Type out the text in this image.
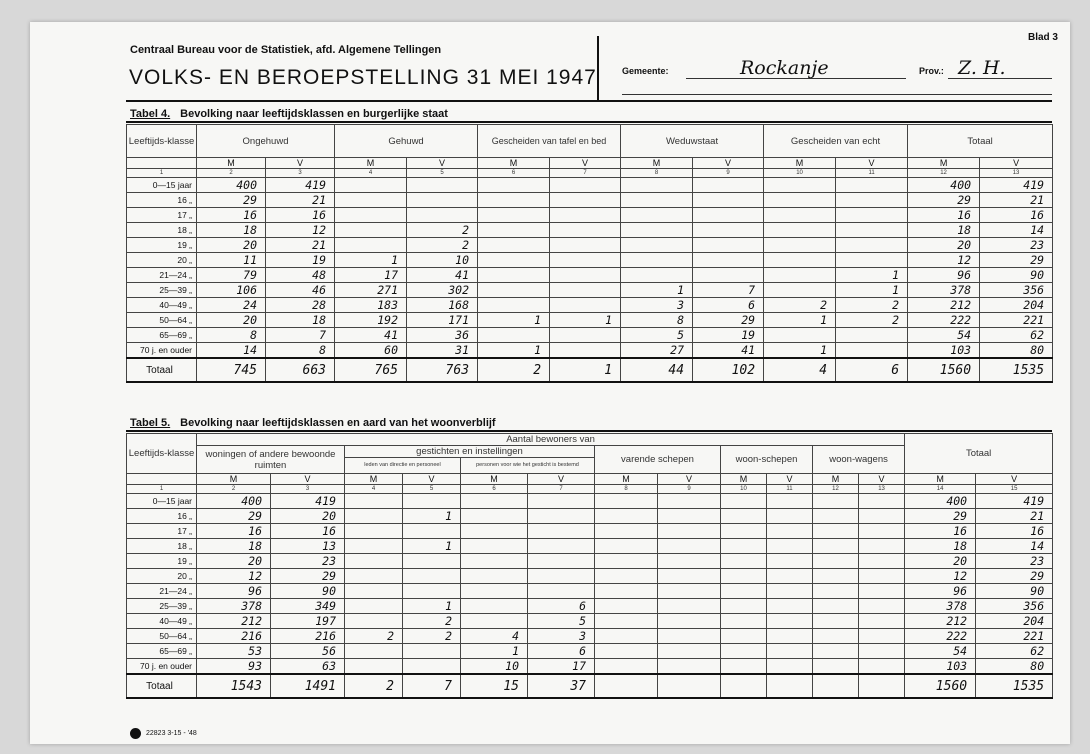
Centraal Bureau voor de Statistiek, afd. Algemene Tellingen
VOLKS- EN BEROEPSTELLING 31 MEI 1947
Blad 3
Gemeente:	Rockanje	Prov.: Z. H.
Tabel 4. Bevolking naar leeftijdsklassen en burgerlijke staat
Leeftijds-klasse	Ongehuwd		Gehuwd		Gescheiden van tafel en bed		Weduwstaat		Gescheiden van echt		Totaal	
	M	V	M	V	M	V	M	V	M	V	M	V
1	2	3	4	5	6	7	8	9	10	11	12	13
0—15 jaar	400	419									400	419
16 „	29	21									29	21
17 „	16	16									16	16
18 „	18	12		2							18	14
19 „	20	21		2							20	23
20 „	11	19	1	10							12	29
21—24 „	79	48	17	41						1	96	90
25—39 „	106	46	271	302			1	7		1	378	356
40—49 „	24	28	183	168			3	6	2	2	212	204
50—64 „	20	18	192	171	1	1	8	29	1	2	222	221
65—69 „	8	7	41	36			5	19			54	62
70 j. en ouder	14	8	60	31	1		27	41	1		103	80
Totaal	745	663	765	763	2	1	44	102	4	6	1560	1535
Tabel 5. Bevolking naar leeftijdsklassen en aard van het woonverblijf
Leeftijds-klasse	Aantal bewoners van												Totaal	
	woningen of andere bewoonde ruimten		gestichten en instellingen				varende schepen		woon-schepen		woon-wagens			
			leden van directie en personeel		personen voor wie het gesticht is bestemd									
	M	V	M	V	M	V	M	V	M	V	M	V	M	V
1	2	3	4	5	6	7	8	9	10	11	12	13	14	15
0—15 jaar	400	419											400	419
16 „	29	20		1									29	21
17 „	16	16											16	16
18 „	18	13		1									18	14
19 „	20	23											20	23
20 „	12	29											12	29
21—24 „	96	90											96	90
25—39 „	378	349		1		6							378	356
40—49 „	212	197		2		5							212	204
50—64 „	216	216	2	2	4	3							222	221
65—69 „	53	56			1	6							54	62
70 j. en ouder	93	63			10	17							103	80
Totaal	1543	1491	2	7	15	37							1560	1535
22823 3-15 - '48
